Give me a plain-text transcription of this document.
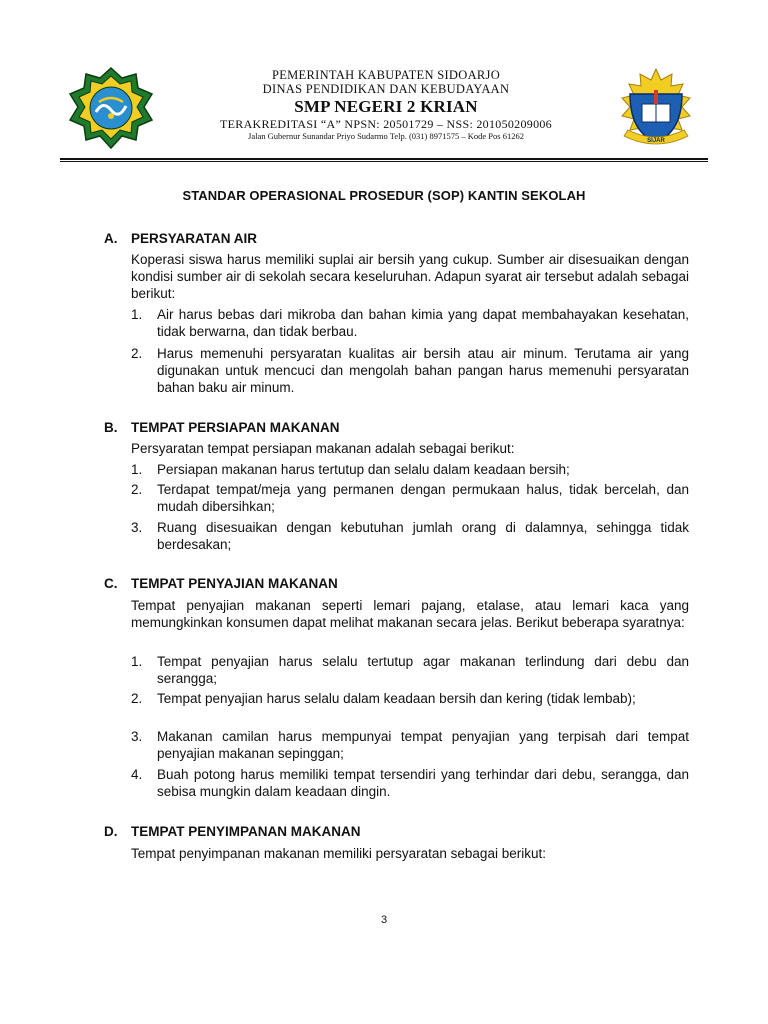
PEMERINTAH KABUPATEN SIDOARJO
DINAS PENDIDIKAN DAN KEBUDAYAAN
SMP NEGERI 2 KRIAN
TERAKREDITASI “A” NPSN: 20501729 – NSS: 201050209006
Jalan Gubernur Sunandar Priyo Sudarmo Telp. (031) 8971575 – Kode Pos 61262	SIJAR
STANDAR OPERASIONAL PROSEDUR (SOP) KANTIN SEKOLAH
A. PERSYARATAN AIR
Koperasi siswa harus memiliki suplai air bersih yang cukup. Sumber air disesuaikan dengan kondisi sumber air di sekolah secara keseluruhan. Adapun syarat air tersebut adalah sebagai berikut:
1.	Air harus bebas dari mikroba dan bahan kimia yang dapat membahayakan kesehatan, tidak berwarna, dan tidak berbau.
2.	Harus memenuhi persyaratan kualitas air bersih atau air minum. Terutama air yang digunakan untuk mencuci dan mengolah bahan pangan harus memenuhi persyaratan bahan baku air minum.
B. TEMPAT PERSIAPAN MAKANAN
Persyaratan tempat persiapan makanan adalah sebagai berikut:
1.	Persiapan makanan harus tertutup dan selalu dalam keadaan bersih;
2.	Terdapat tempat/meja yang permanen dengan permukaan halus, tidak bercelah, dan mudah dibersihkan;
3.	Ruang disesuaikan dengan kebutuhan jumlah orang di dalamnya, sehingga tidak berdesakan;
C. TEMPAT PENYAJIAN MAKANAN
Tempat penyajian makanan seperti lemari pajang, etalase, atau lemari kaca yang memungkinkan konsumen dapat melihat makanan secara jelas. Berikut beberapa syaratnya:
1.	Tempat penyajian harus selalu tertutup agar makanan terlindung dari debu dan serangga;
2.	Tempat penyajian harus selalu dalam keadaan bersih dan kering (tidak lembab);
3.	Makanan camilan harus mempunyai tempat penyajian yang terpisah dari tempat penyajian makanan sepinggan;
4.	Buah potong harus memiliki tempat tersendiri yang terhindar dari debu, serangga, dan sebisa mungkin dalam keadaan dingin.
D. TEMPAT PENYIMPANAN MAKANAN
Tempat penyimpanan makanan memiliki persyaratan sebagai berikut:
3
